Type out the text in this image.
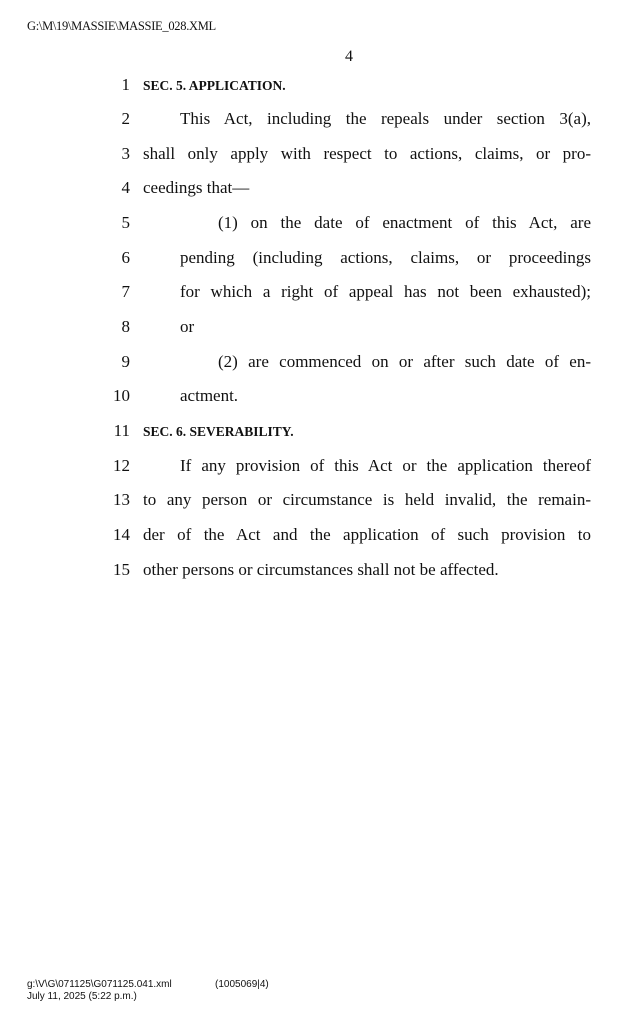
G:\M\19\MASSIE\MASSIE_028.XML
4
1 SEC. 5. APPLICATION.
2	This Act, including the repeals under section 3(a),
3 shall only apply with respect to actions, claims, or pro-
4 ceedings that—
5	(1) on the date of enactment of this Act, are
6	pending (including actions, claims, or proceedings
7	for which a right of appeal has not been exhausted);
8	or
9	(2) are commenced on or after such date of en-
10	actment.
11 SEC. 6. SEVERABILITY.
12	If any provision of this Act or the application thereof
13 to any person or circumstance is held invalid, the remain-
14 der of the Act and the application of such provision to
15 other persons or circumstances shall not be affected.
g:\V\G\071125\G071125.041.xml	(1005069|4)
July 11, 2025 (5:22 p.m.)
